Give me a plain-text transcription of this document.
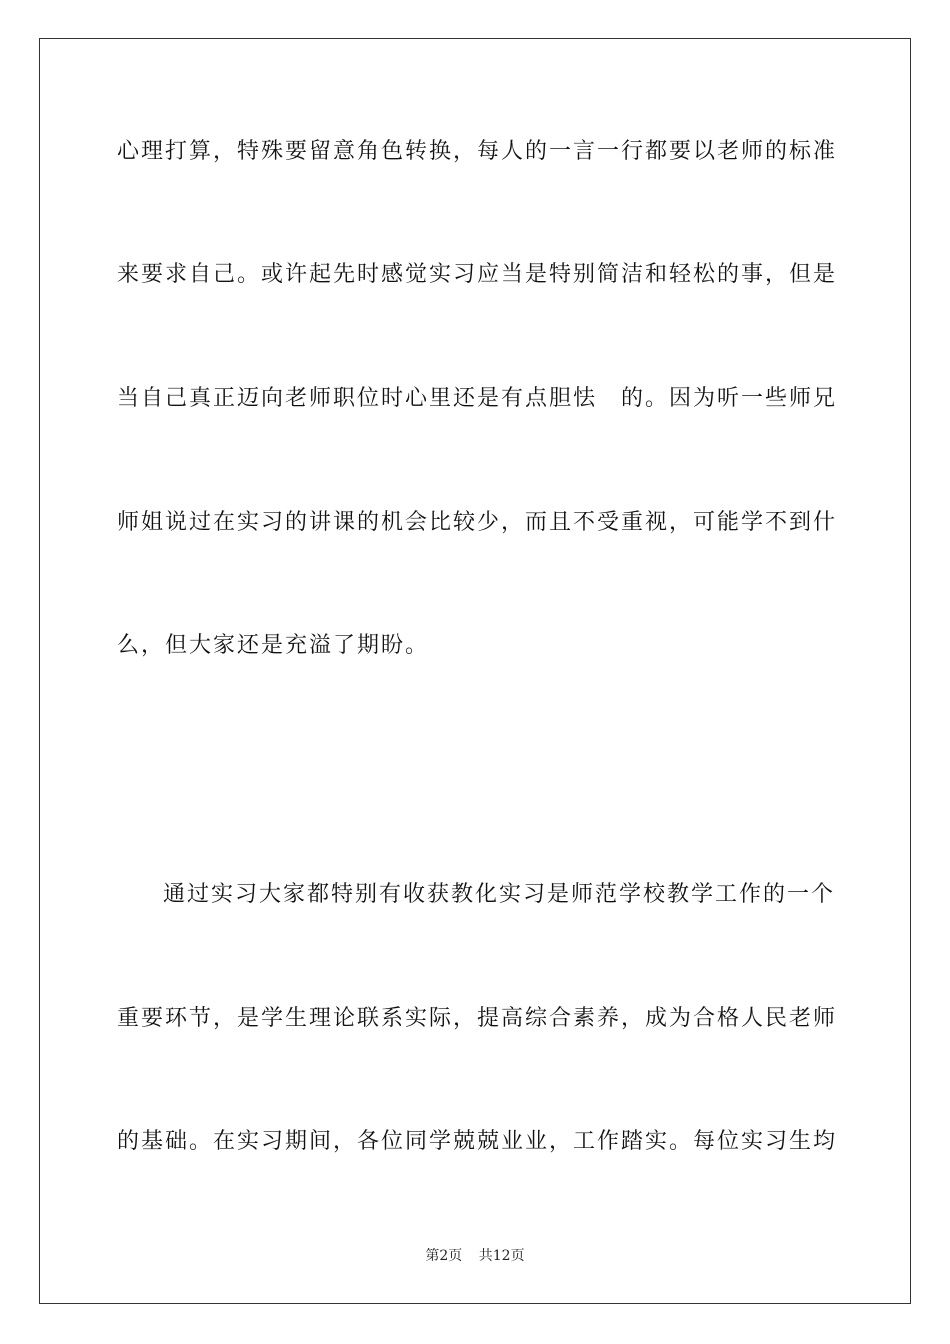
心理打算，特殊要留意角色转换，每人的一言一行都要以老师的标准
来要求自己。或许起先时感觉实习应当是特别简洁和轻松的事，但是
当自己真正迈向老师职位时心里还是有点胆怯　的。因为听一些师兄
师姐说过在实习的讲课的机会比较少，而且不受重视，可能学不到什
么，但大家还是充溢了期盼。
通过实习大家都特别有收获教化实习是师范学校教学工作的一个
重要环节，是学生理论联系实际，提高综合素养，成为合格人民老师
的基础。在实习期间，各位同学兢兢业业，工作踏实。每位实习生均
第2页 共12页
